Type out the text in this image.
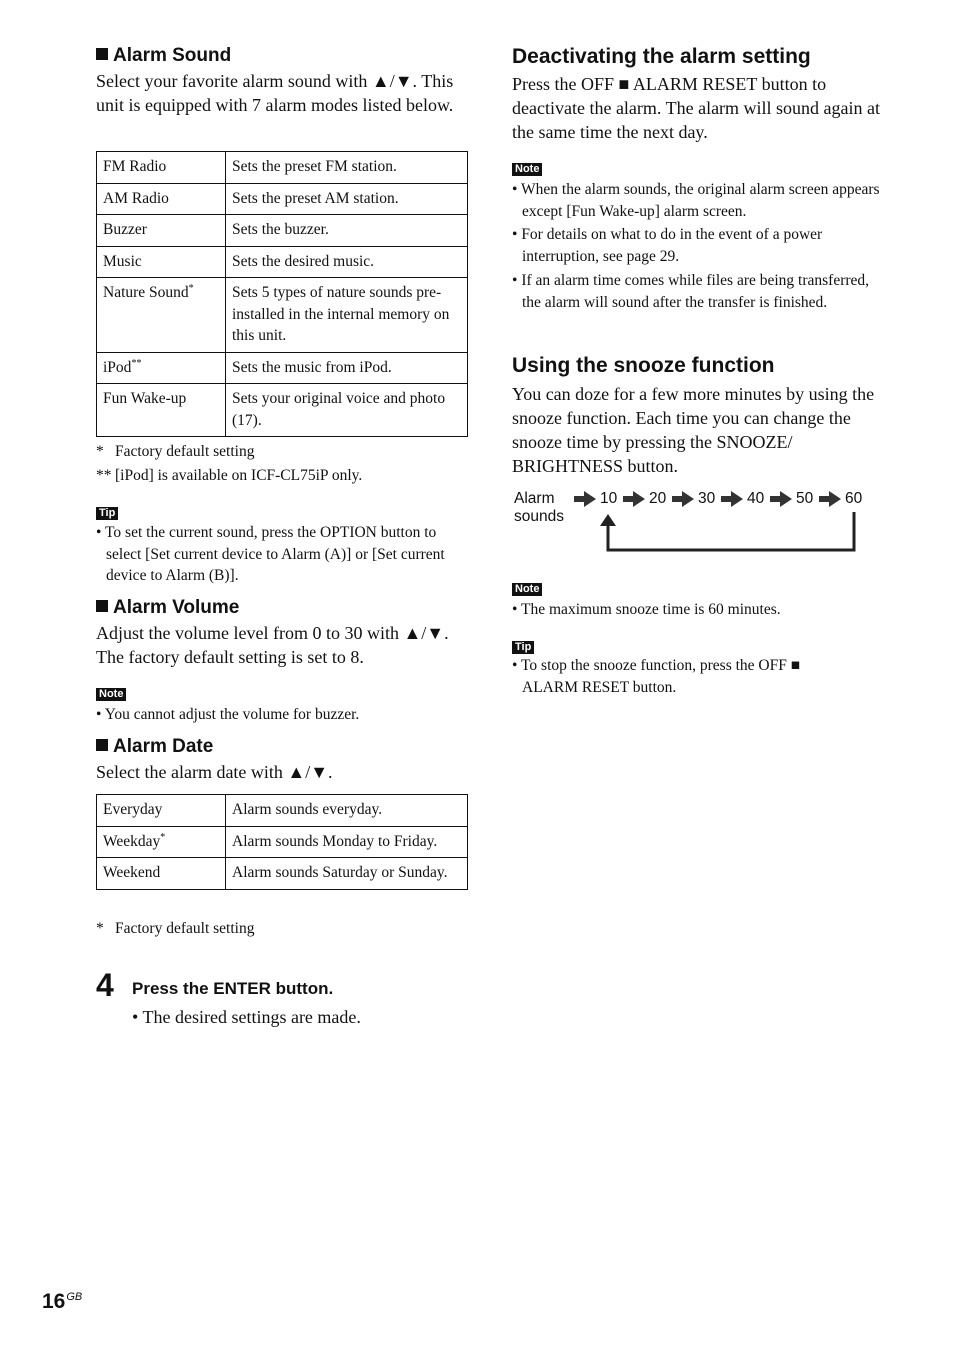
Alarm Sound

Select your favorite alarm sound with ▲/▼. This unit is equipped with 7 alarm modes listed below.

FM Radio	Sets the preset FM station.
AM Radio	Sets the preset AM station.
Buzzer	Sets the buzzer.
Music	Sets the desired music.
Nature Sound*	Sets 5 types of nature sounds pre-installed in the internal memory on this unit.
iPod**	Sets the music from iPod.
Fun Wake-up	Sets your original voice and photo (17).
* Factory default setting
** [iPod] is available on ICF-CL75iP only.
Tip

• To set the current sound, press the OPTION button to select [Set current device to Alarm (A)] or [Set current device to Alarm (B)].

Alarm Volume

Adjust the volume level from 0 to 30 with ▲/▼. The factory default setting is set to 8.

Note

• You cannot adjust the volume for buzzer.

Alarm Date

Select the alarm date with ▲/▼.

Everyday	Alarm sounds everyday.
Weekday*	Alarm sounds Monday to Friday.
Weekend	Alarm sounds Saturday or Sunday.
* Factory default setting
4 Press the ENTER button.

• The desired settings are made.

Deactivating the alarm setting

Press the OFF ■ ALARM RESET button to deactivate the alarm. The alarm will sound again at the same time the next day.

Note

• When the alarm sounds, the original alarm screen appears except [Fun Wake-up] alarm screen.

• For details on what to do in the event of a power interruption, see page 29.

• If an alarm time comes while files are being transferred, the alarm will sound after the transfer is finished.

Using the snooze function

You can doze for a few more minutes by using the snooze function. Each time you can change the snooze time by pressing the SNOOZE/ BRIGHTNESS button.

Alarm
sounds
10 20 30 40 50 60
Note

• The maximum snooze time is 60 minutes.

Tip

• To stop the snooze function, press the OFF ■ ALARM RESET button.

$16^{GB}$
